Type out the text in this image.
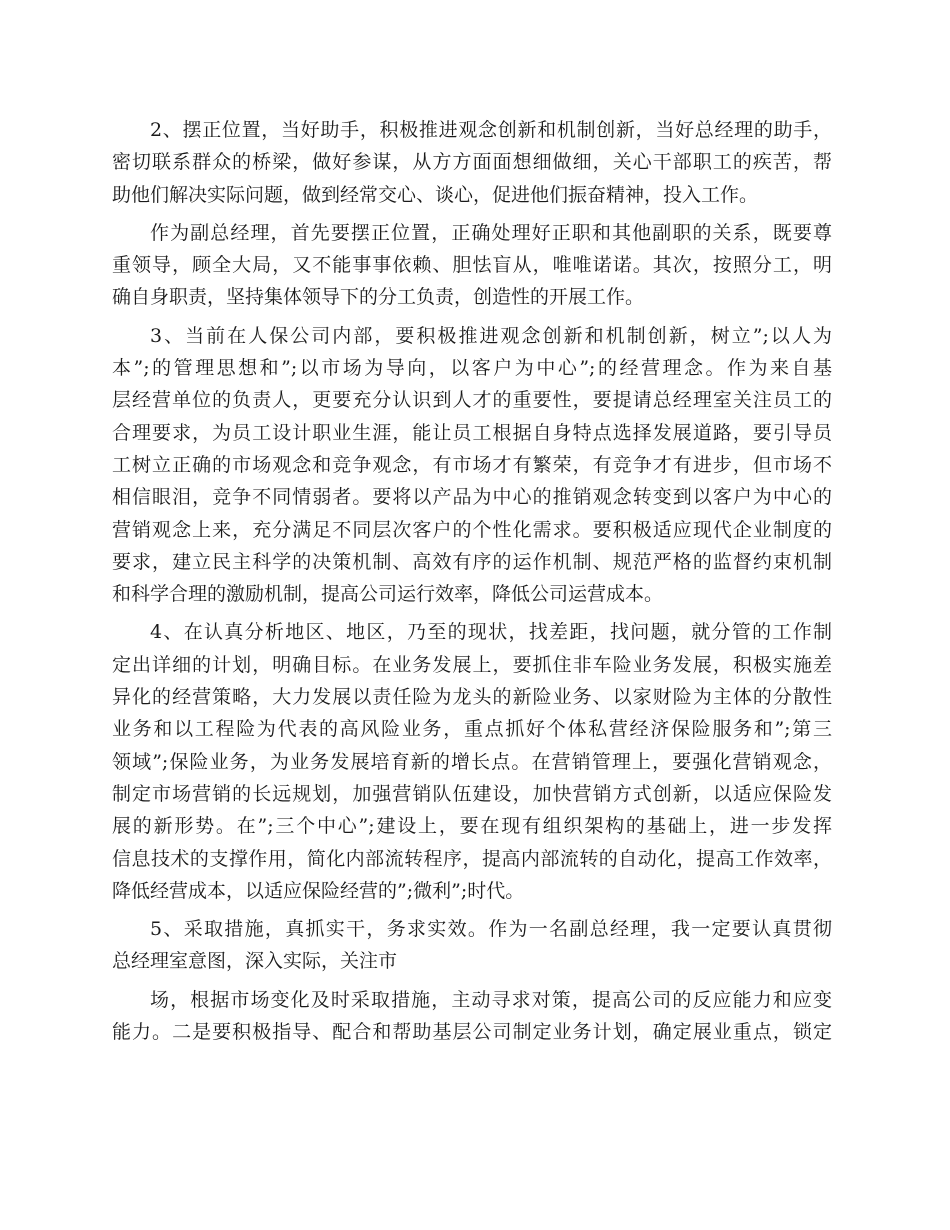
2、摆正位置，当好助手，积极推进观念创新和机制创新，当好总经理的助手，
密切联系群众的桥梁，做好参谋，从方方面面想细做细，关心干部职工的疾苦，帮
助他们解决实际问题，做到经常交心、谈心，促进他们振奋精神，投入工作。
作为副总经理，首先要摆正位置，正确处理好正职和其他副职的关系，既要尊
重领导，顾全大局，又不能事事依赖、胆怯盲从，唯唯诺诺。其次，按照分工，明
确自身职责，坚持集体领导下的分工负责，创造性的开展工作。
3、当前在人保公司内部，要积极推进观念创新和机制创新，树立”;以人为
本”;的管理思想和”;以市场为导向，以客户为中心”;的经营理念。作为来自基
层经营单位的负责人，更要充分认识到人才的重要性，要提请总经理室关注员工的
合理要求，为员工设计职业生涯，能让员工根据自身特点选择发展道路，要引导员
工树立正确的市场观念和竞争观念，有市场才有繁荣，有竞争才有进步，但市场不
相信眼泪，竞争不同情弱者。要将以产品为中心的推销观念转变到以客户为中心的
营销观念上来，充分满足不同层次客户的个性化需求。要积极适应现代企业制度的
要求，建立民主科学的决策机制、高效有序的运作机制、规范严格的监督约束机制
和科学合理的激励机制，提高公司运行效率，降低公司运营成本。
4、在认真分析地区、地区，乃至的现状，找差距，找问题，就分管的工作制
定出详细的计划，明确目标。在业务发展上，要抓住非车险业务发展，积极实施差
异化的经营策略，大力发展以责任险为龙头的新险业务、以家财险为主体的分散性
业务和以工程险为代表的高风险业务，重点抓好个体私营经济保险服务和”;第三
领域”;保险业务，为业务发展培育新的增长点。在营销管理上，要强化营销观念，
制定市场营销的长远规划，加强营销队伍建设，加快营销方式创新，以适应保险发
展的新形势。在”;三个中心”;建设上，要在现有组织架构的基础上，进一步发挥
信息技术的支撑作用，简化内部流转程序，提高内部流转的自动化，提高工作效率，
降低经营成本，以适应保险经营的”;微利”;时代。
5、采取措施，真抓实干，务求实效。作为一名副总经理，我一定要认真贯彻
总经理室意图，深入实际，关注市
场，根据市场变化及时采取措施，主动寻求对策，提高公司的反应能力和应变
能力。二是要积极指导、配合和帮助基层公司制定业务计划，确定展业重点，锁定
